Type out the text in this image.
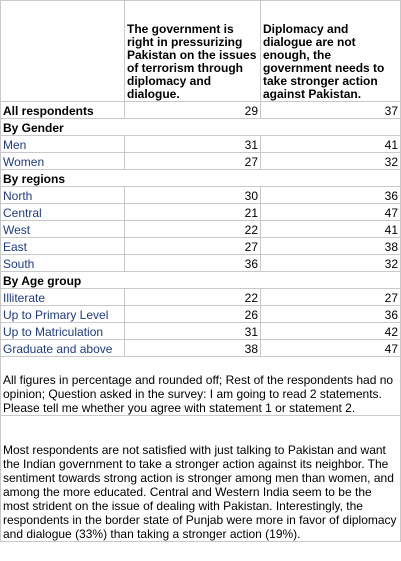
	The government is right in pressurizing Pakistan on the issues of terrorism through diplomacy and dialogue.	Diplomacy and dialogue are not enough, the government needs to take stronger action against Pakistan.
All respondents	29	37
By Gender		
Men	31	41
Women	27	32
By regions		
North	30	36
Central	21	47
West	22	41
East	27	38
South	36	32
By Age group		
Illiterate	22	27
Up to Primary Level	26	36
Up to Matriculation	31	42
Graduate and above	38	47
All figures in percentage and rounded off; Rest of the respondents had no opinion; Question asked in the survey: I am going to read 2 statements. Please tell me whether you agree with statement 1 or statement 2.		
Most respondents are not satisfied with just talking to Pakistan and want the Indian government to take a stronger action against its neighbor. The sentiment towards strong action is stronger among men than women, and among the more educated. Central and Western India seem to be the most strident on the issue of dealing with Pakistan. Interestingly, the respondents in the border state of Punjab were more in favor of diplomacy and dialogue (33%) than taking a stronger action (19%).		
